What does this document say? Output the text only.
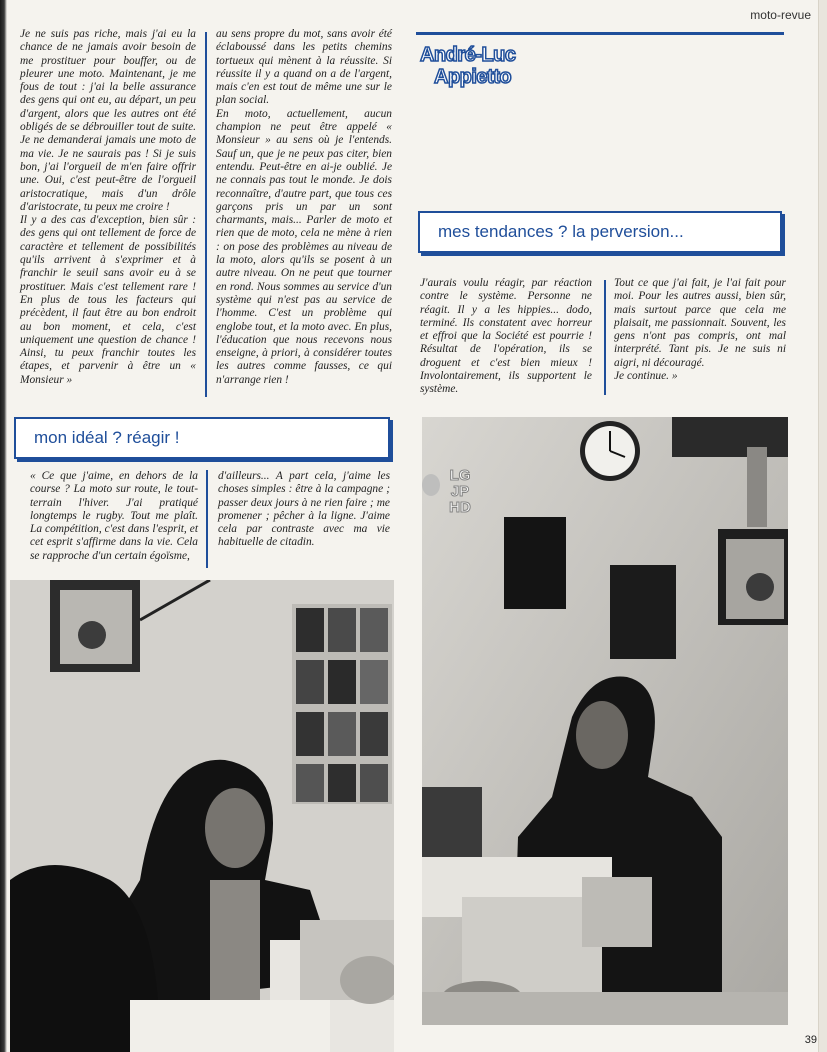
moto-revue

Je ne suis pas riche, mais j'ai eu la chance de ne jamais avoir besoin de me prostituer pour bouffer, ou de pleurer une moto. Maintenant, je me fous de tout : j'ai la belle assurance des gens qui ont eu, au départ, un peu d'argent, alors que les autres ont été obligés de se débrouiller tout de suite. Je ne demanderai jamais une moto de ma vie. Je ne saurais pas ! Si je suis bon, j'ai l'orgueil de m'en faire offrir une. Oui, c'est peut-être de l'orgueil aristocratique, mais d'un drôle d'aristocrate, tu peux me croire !

Il y a des cas d'exception, bien sûr : des gens qui ont tellement de force de caractère et tellement de possibilités qu'ils arrivent à s'exprimer et à franchir le seuil sans avoir eu à se prostituer. Mais c'est tellement rare ! En plus de tous les facteurs qui précèdent, il faut être au bon endroit au bon moment, et cela, c'est uniquement une question de chance ! Ainsi, tu peux franchir toutes les étapes, et parvenir à être un « Monsieur »

au sens propre du mot, sans avoir été éclaboussé dans les petits chemins tortueux qui mènent à la réussite. Si réussite il y a quand on a de l'argent, mais c'en est tout de même une sur le plan social.

En moto, actuellement, aucun champion ne peut être appelé « Monsieur » au sens où je l'entends. Sauf un, que je ne peux pas citer, bien entendu. Peut-être en ai-je oublié. Je ne connais pas tout le monde. Je dois reconnaître, d'autre part, que tous ces garçons pris un par un sont charmants, mais... Parler de moto et rien que de moto, cela ne mène à rien : on pose des problèmes au niveau de la moto, alors qu'ils se posent à un autre niveau. On ne peut que tourner en rond. Nous sommes au service d'un système qui n'est pas au service de l'homme. C'est un problème qui englobe tout, et la moto avec. En plus, l'éducation que nous recevons nous enseigne, à priori, à considérer toutes les autres comme fausses, ce qui n'arrange rien !

André-Luc
Appietto
mes tendances ? la perversion...

J'aurais voulu réagir, par réaction contre le système. Personne ne réagit. Il y a les hippies... dodo, terminé. Ils constatent avec horreur et effroi que la Société est pourrie ! Résultat de l'opération, ils se droguent et c'est bien mieux ! Involontairement, ils supportent le système.

Tout ce que j'ai fait, je l'ai fait pour moi. Pour les autres aussi, bien sûr, mais surtout parce que cela me plaisait, me passionnait. Souvent, les gens n'ont pas compris, ont mal interprété. Tant pis. Je ne suis ni aigri, ni découragé.

Je continue. »

mon idéal ? réagir !

« Ce que j'aime, en dehors de la course ? La moto sur route, le tout-terrain l'hiver. J'ai pratiqué longtemps le rugby. Tout me plaît. La compétition, c'est dans l'esprit, et cet esprit s'affirme dans la vie. Cela se rapproche d'un certain égoïsme,

d'ailleurs... A part cela, j'aime les choses simples : être à la campagne ; passer deux jours à ne rien faire ; me promener ; pêcher à la ligne. J'aime cela par contraste avec ma vie habituelle de citadin.

LG
JP
HD
39
